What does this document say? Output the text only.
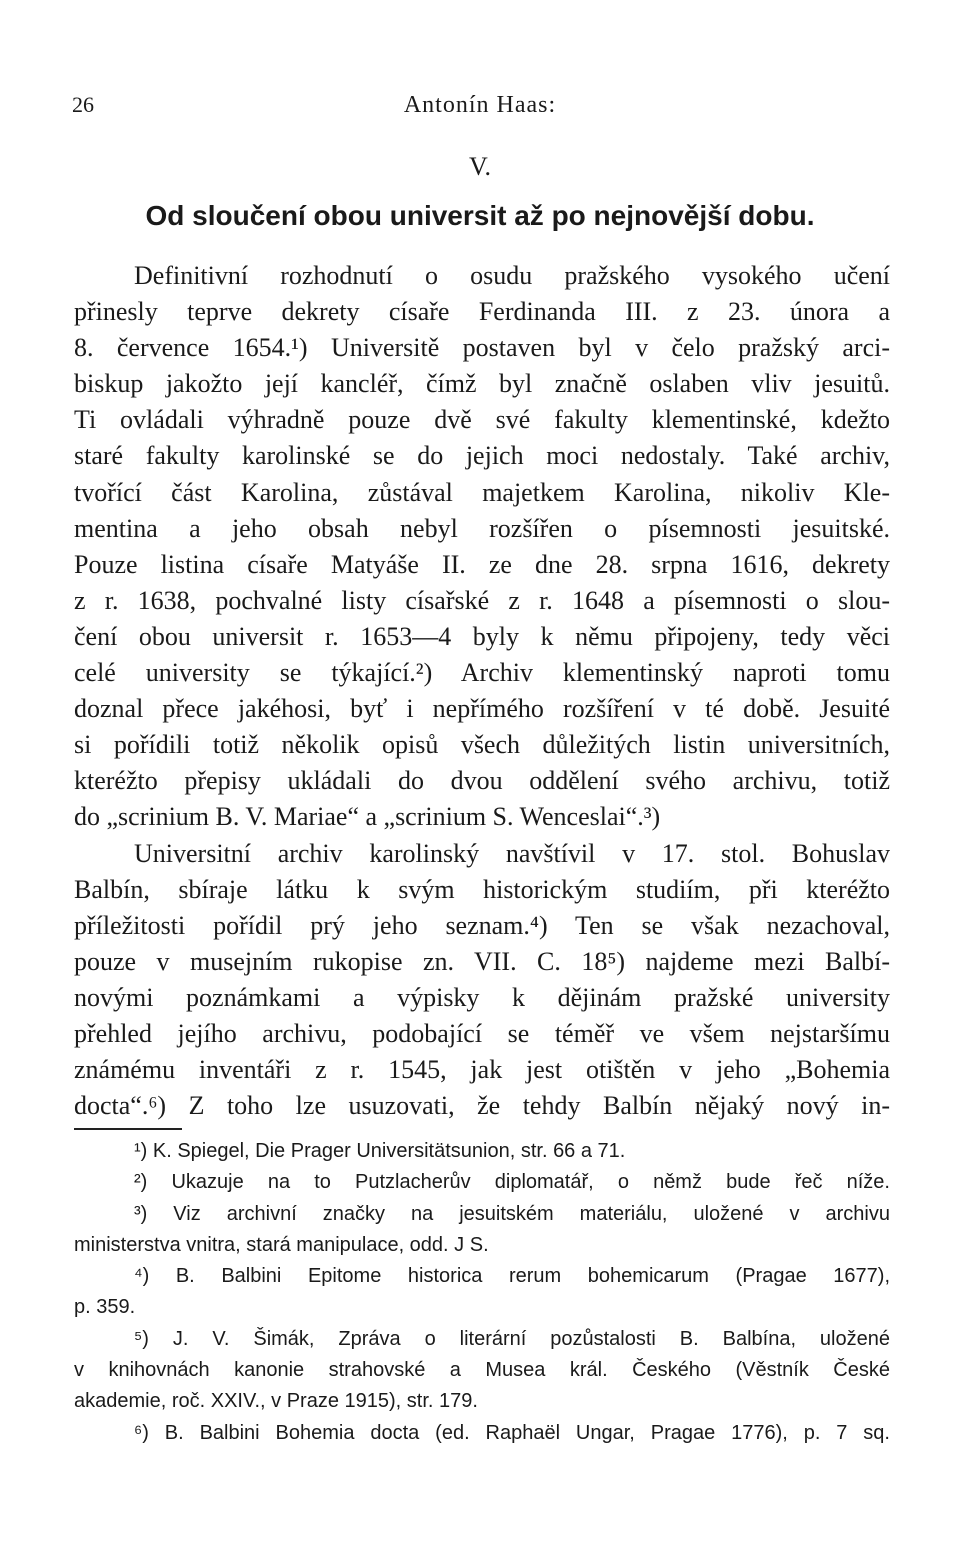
26	Antonín Haas:
V.
Od sloučení obou universit až po nejnovější dobu.
Definitivní rozhodnutí o osudu pražského vysokého učení
přinesly teprve dekrety císaře Ferdinanda III. z 23. února a
8. července 1654.¹) Universitě postaven byl v čelo pražský arci-
biskup jakožto její kancléř, čímž byl značně oslaben vliv jesuitů.
Ti ovládali výhradně pouze dvě své fakulty klementinské, kdežto
staré fakulty karolinské se do jejich moci nedostaly. Také archiv,
tvořící část Karolina, zůstával majetkem Karolina, nikoliv Kle-
mentina a jeho obsah nebyl rozšířen o písemnosti jesuitské.
Pouze listina císaře Matyáše II. ze dne 28. srpna 1616, dekrety
z r. 1638, pochvalné listy císařské z r. 1648 a písemnosti o slou-
čení obou universit r. 1653—4 byly k němu připojeny, tedy věci
celé university se týkající.²) Archiv klementinský naproti tomu
doznal přece jakéhosi, byť i nepřímého rozšíření v té době. Jesuité
si pořídili totiž několik opisů všech důležitých listin universitních,
kteréžto přepisy ukládali do dvou oddělení svého archivu, totiž
do „scrinium B. V. Mariae“ a „scrinium S. Wenceslai“.³)
Universitní archiv karolinský navštívil v 17. stol. Bohuslav
Balbín, sbíraje látku k svým historickým studiím, při kteréžto
příležitosti pořídil prý jeho seznam.⁴) Ten se však nezachoval,
pouze v musejním rukopise zn. VII. C. 18⁵) najdeme mezi Balbí-
novými poznámkami a výpisky k dějinám pražské university
přehled jejího archivu, podobající se téměř ve všem nejstaršímu
známému inventáři z r. 1545, jak jest otištěn v jeho „Bohemia
docta“.⁶) Z toho lze usuzovati, že tehdy Balbín nějaký nový in-
¹) K. Spiegel, Die Prager Universitätsunion, str. 66 a 71.
²) Ukazuje na to Putzlacherův diplomatář, o němž bude řeč níže.
³) Viz archivní značky na jesuitském materiálu, uložené v archivu
ministerstva vnitra, stará manipulace, odd. J S.
⁴) B. Balbini Epitome historica rerum bohemicarum (Pragae 1677),
p. 359.
⁵) J. V. Šimák, Zpráva o literární pozůstalosti B. Balbína, uložené
v knihovnách kanonie strahovské a Musea král. Českého (Věstník České
akademie, roč. XXIV., v Praze 1915), str. 179.
⁶) B. Balbini Bohemia docta (ed. Raphaël Ungar, Pragae 1776), p. 7 sq.
